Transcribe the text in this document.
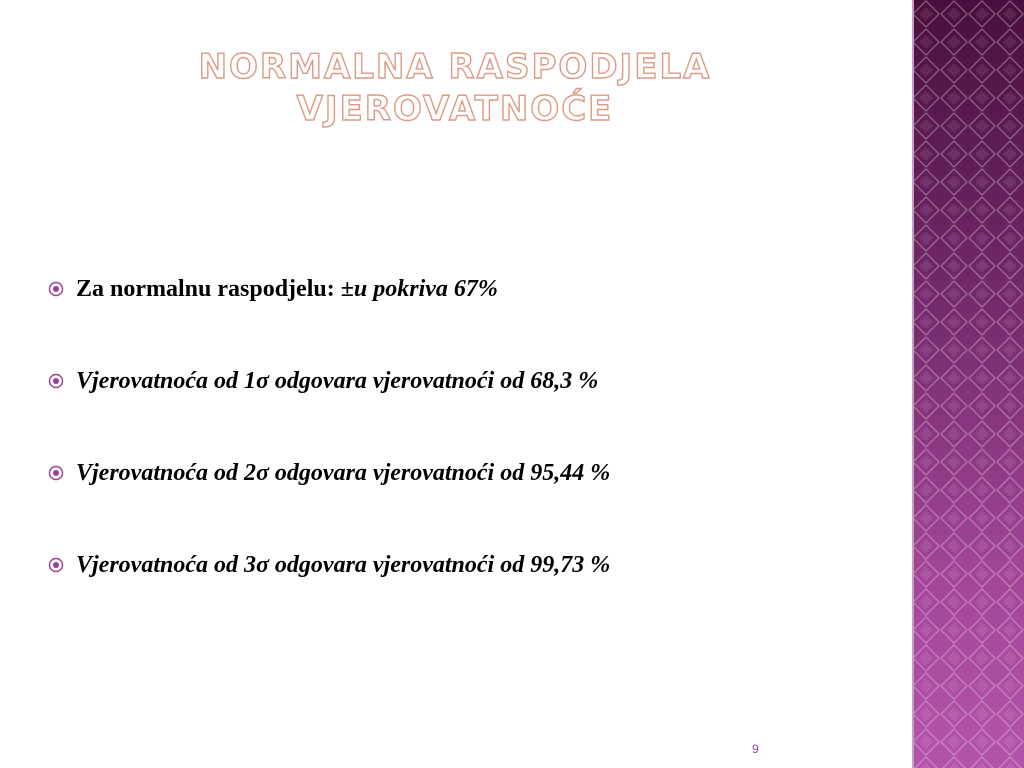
NORMALNA RASPODJELA
VJEROVATNOĆE
Za normalnu raspodjelu: ±u pokriva 67%
Vjerovatnoća od 1σ odgovara vjerovatnoći od 68,3 %
Vjerovatnoća od 2σ odgovara vjerovatnoći od 95,44 %
Vjerovatnoća od 3σ odgovara vjerovatnoći od 99,73 %
9
